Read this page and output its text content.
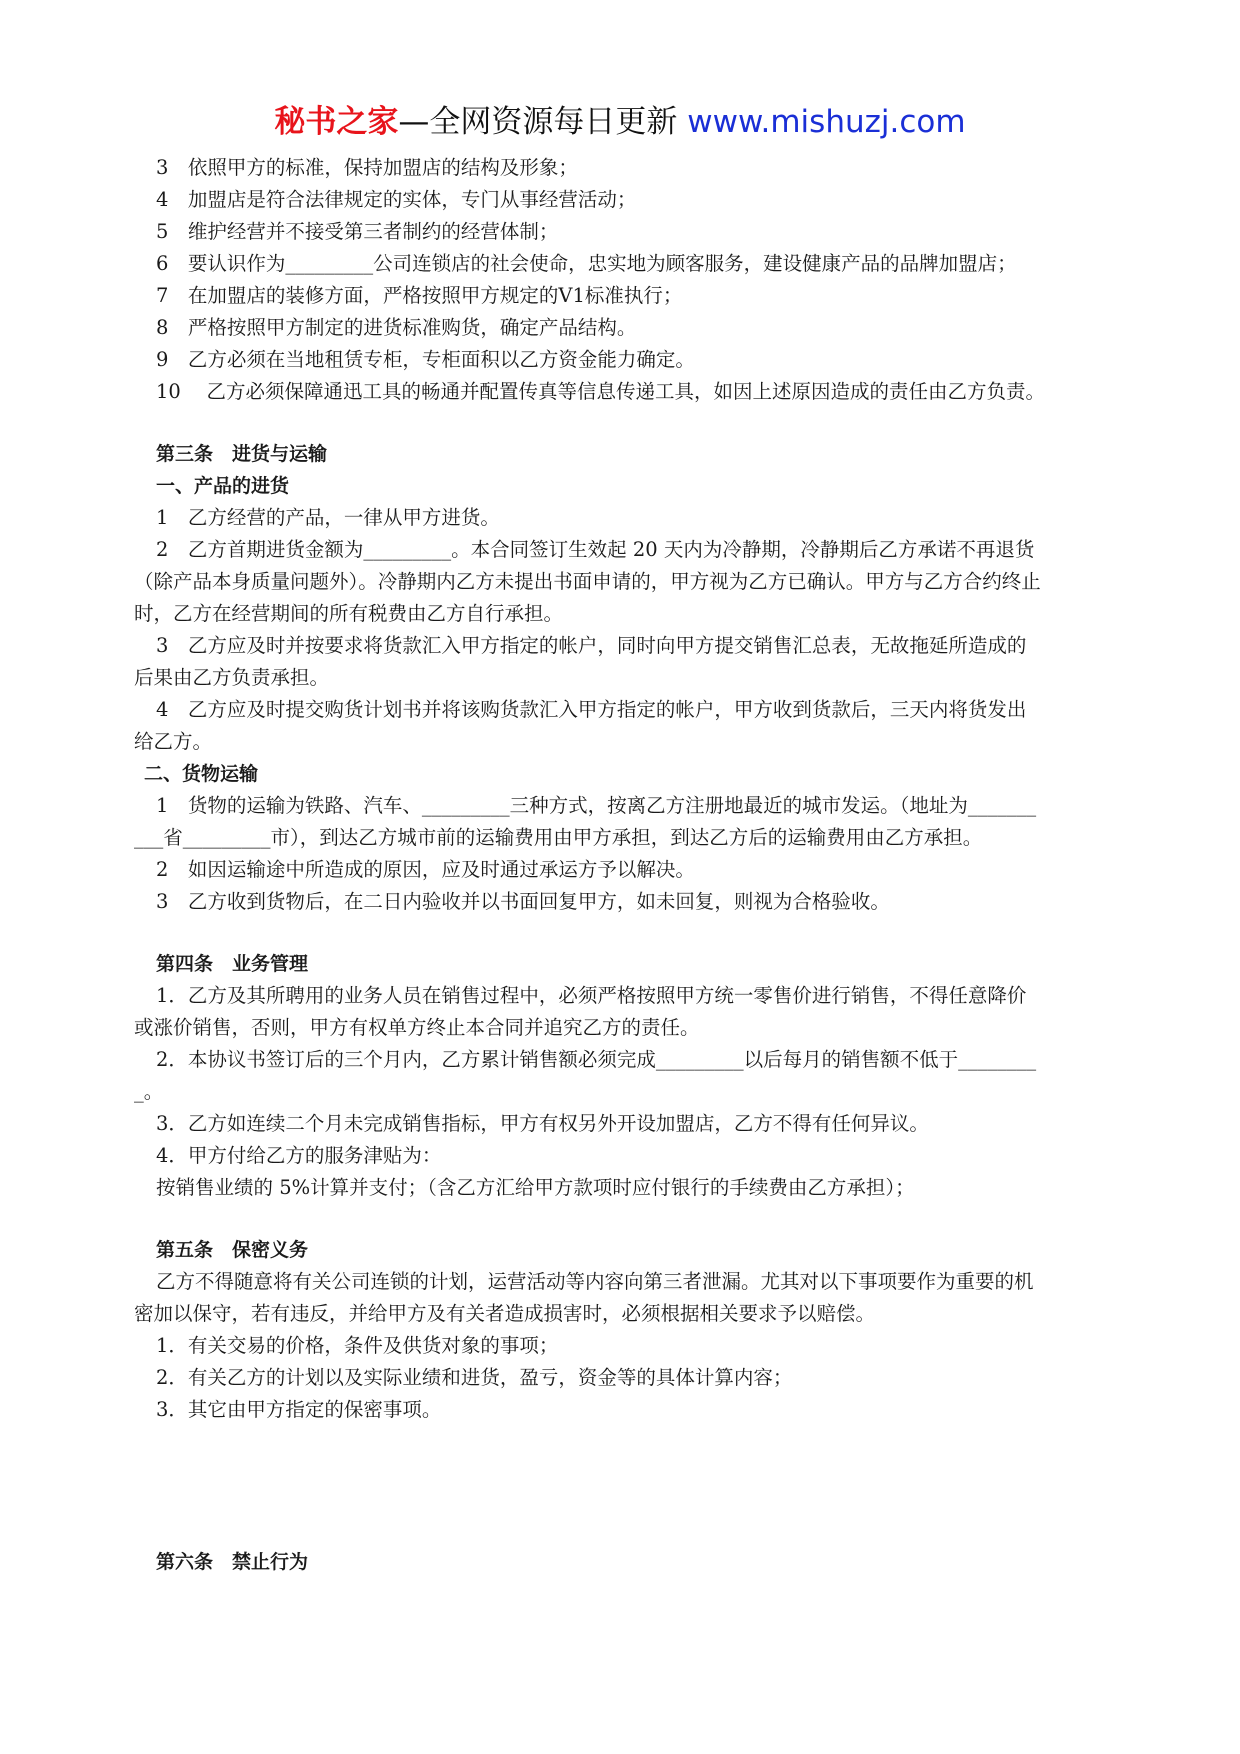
秘书之家—全网资源每日更新 www.mishuzj.com
3　依照甲方的标准，保持加盟店的结构及形象；
4　加盟店是符合法律规定的实体，专门从事经营活动；
5　维护经营并不接受第三者制约的经营体制；
6　要认识作为_________公司连锁店的社会使命，忠实地为顾客服务，建设健康产品的品牌加盟店；
7　在加盟店的装修方面，严格按照甲方规定的V1标准执行；
8　严格按照甲方制定的进货标准购货，确定产品结构。
9　乙方必须在当地租赁专柜，专柜面积以乙方资金能力确定。
10　 乙方必须保障通迅工具的畅通并配置传真等信息传递工具，如因上述原因造成的责任由乙方负责。
第三条　进货与运输
一、产品的进货
1　乙方经营的产品，一律从甲方进货。
2　乙方首期进货金额为_________。本合同签订生效起 20 天内为冷静期，冷静期后乙方承诺不再退货
（除产品本身质量问题外）。冷静期内乙方未提出书面申请的，甲方视为乙方已确认。甲方与乙方合约终止
时，乙方在经营期间的所有税费由乙方自行承担。
3　乙方应及时并按要求将货款汇入甲方指定的帐户，同时向甲方提交销售汇总表，无故拖延所造成的
后果由乙方负责承担。
4　乙方应及时提交购货计划书并将该购货款汇入甲方指定的帐户，甲方收到货款后，三天内将货发出
给乙方。
二、货物运输
1　货物的运输为铁路、汽车、_________三种方式，按离乙方注册地最近的城市发运。（地址为_______
___省_________市），到达乙方城市前的运输费用由甲方承担，到达乙方后的运输费用由乙方承担。
2　如因运输途中所造成的原因，应及时通过承运方予以解决。
3　乙方收到货物后，在二日内验收并以书面回复甲方，如未回复，则视为合格验收。
第四条　业务管理
1．乙方及其所聘用的业务人员在销售过程中，必须严格按照甲方统一零售价进行销售，不得任意降价
或涨价销售，否则，甲方有权单方终止本合同并追究乙方的责任。
2．本协议书签订后的三个月内，乙方累计销售额必须完成_________以后每月的销售额不低于________
_。
3．乙方如连续二个月未完成销售指标，甲方有权另外开设加盟店，乙方不得有任何异议。
4．甲方付给乙方的服务津贴为：
按销售业绩的 5%计算并支付；（含乙方汇给甲方款项时应付银行的手续费由乙方承担）；
第五条　保密义务
乙方不得随意将有关公司连锁的计划，运营活动等内容向第三者泄漏。尤其对以下事项要作为重要的机
密加以保守，若有违反，并给甲方及有关者造成损害时，必须根据相关要求予以赔偿。
1．有关交易的价格，条件及供货对象的事项；
2．有关乙方的计划以及实际业绩和进货，盈亏，资金等的具体计算内容；
3．其它由甲方指定的保密事项。
第六条　禁止行为
